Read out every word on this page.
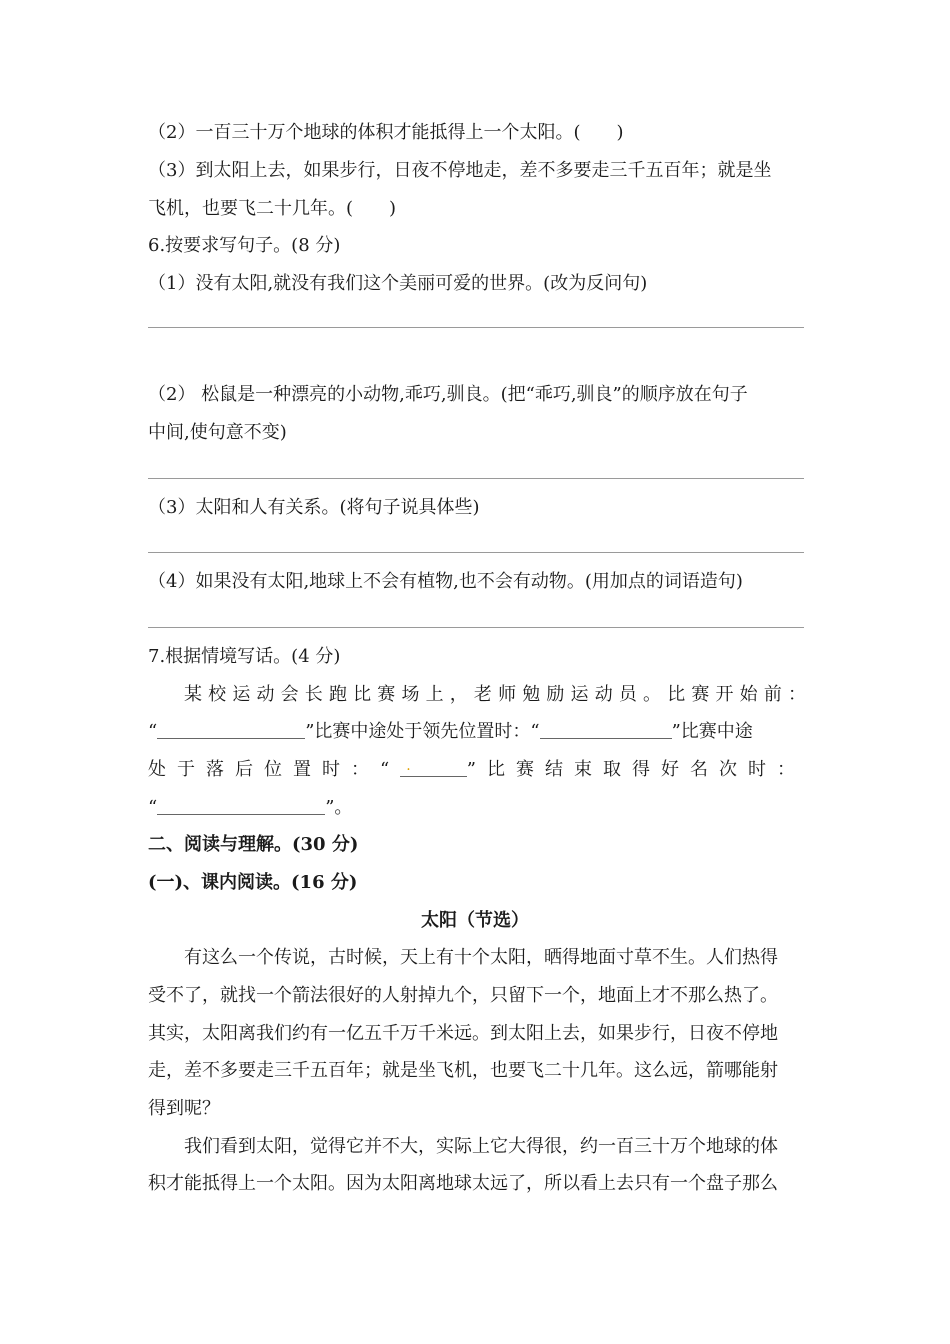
（2）一百三十万个地球的体积才能抵得上一个太阳。(　　)
（3）到太阳上去，如果步行，日夜不停地走，差不多要走三千五百年；就是坐
飞机，也要飞二十几年。(　　)
6.按要求写句子。(8 分)
（1）没有太阳,就没有我们这个美丽可爱的世界。(改为反问句)
（2） 松鼠是一种漂亮的小动物,乖巧,驯良。(把“乖巧,驯良”的顺序放在句子
中间,使句意不变)
（3）太阳和人有关系。(将句子说具体些)
（4）如果没有太阳,地球上不会有植物,也不会有动物。(用加点的词语造句)
7.根据情境写话。(4 分)
某校运动会长跑比赛场上，老师勉励运动员。比赛开始前：
“	”比赛中途处于领先位置时：“	”比赛中途
处于落后位置时：“ .	”比赛结束取得好名次时：
“	”。
二、阅读与理解。(30 分)
(一)、课内阅读。(16 分)
太阳（节选）
有这么一个传说，古时候，天上有十个太阳，晒得地面寸草不生。人们热得
受不了，就找一个箭法很好的人射掉九个，只留下一个，地面上才不那么热了。
其实，太阳离我们约有一亿五千万千米远。到太阳上去，如果步行，日夜不停地
走，差不多要走三千五百年；就是坐飞机，也要飞二十几年。这么远，箭哪能射
得到呢？
我们看到太阳，觉得它并不大，实际上它大得很，约一百三十万个地球的体
积才能抵得上一个太阳。因为太阳离地球太远了，所以看上去只有一个盘子那么
